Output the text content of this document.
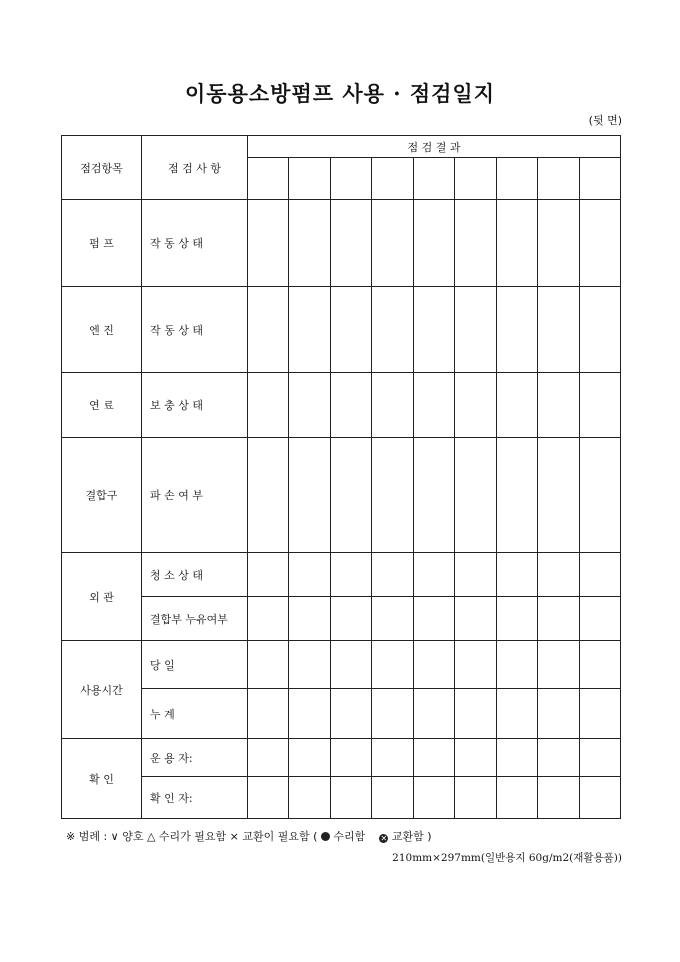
이동용소방펌프 사용 · 점검일지
(뒷 면)
점검항목	점 검 사 항	점 검 결 과								

펌 프	작 동 상 태									
엔 진	작 동 상 태									
연 료	보 충 상 태									
결합구	파 손 여 부									
외 관	청 소 상 태									
	결합부 누유여부									
사용시간	당 일									
	누 계									
확 인	운 용 자:									
	확 인 자:									
※ 범례 : ∨ 양호 △ 수리가 필요함 × 교환이 필요함 ( 수리함 ✕ 교환함 )
210mm×297mm(일반용지 60g/m2(재활용품))
